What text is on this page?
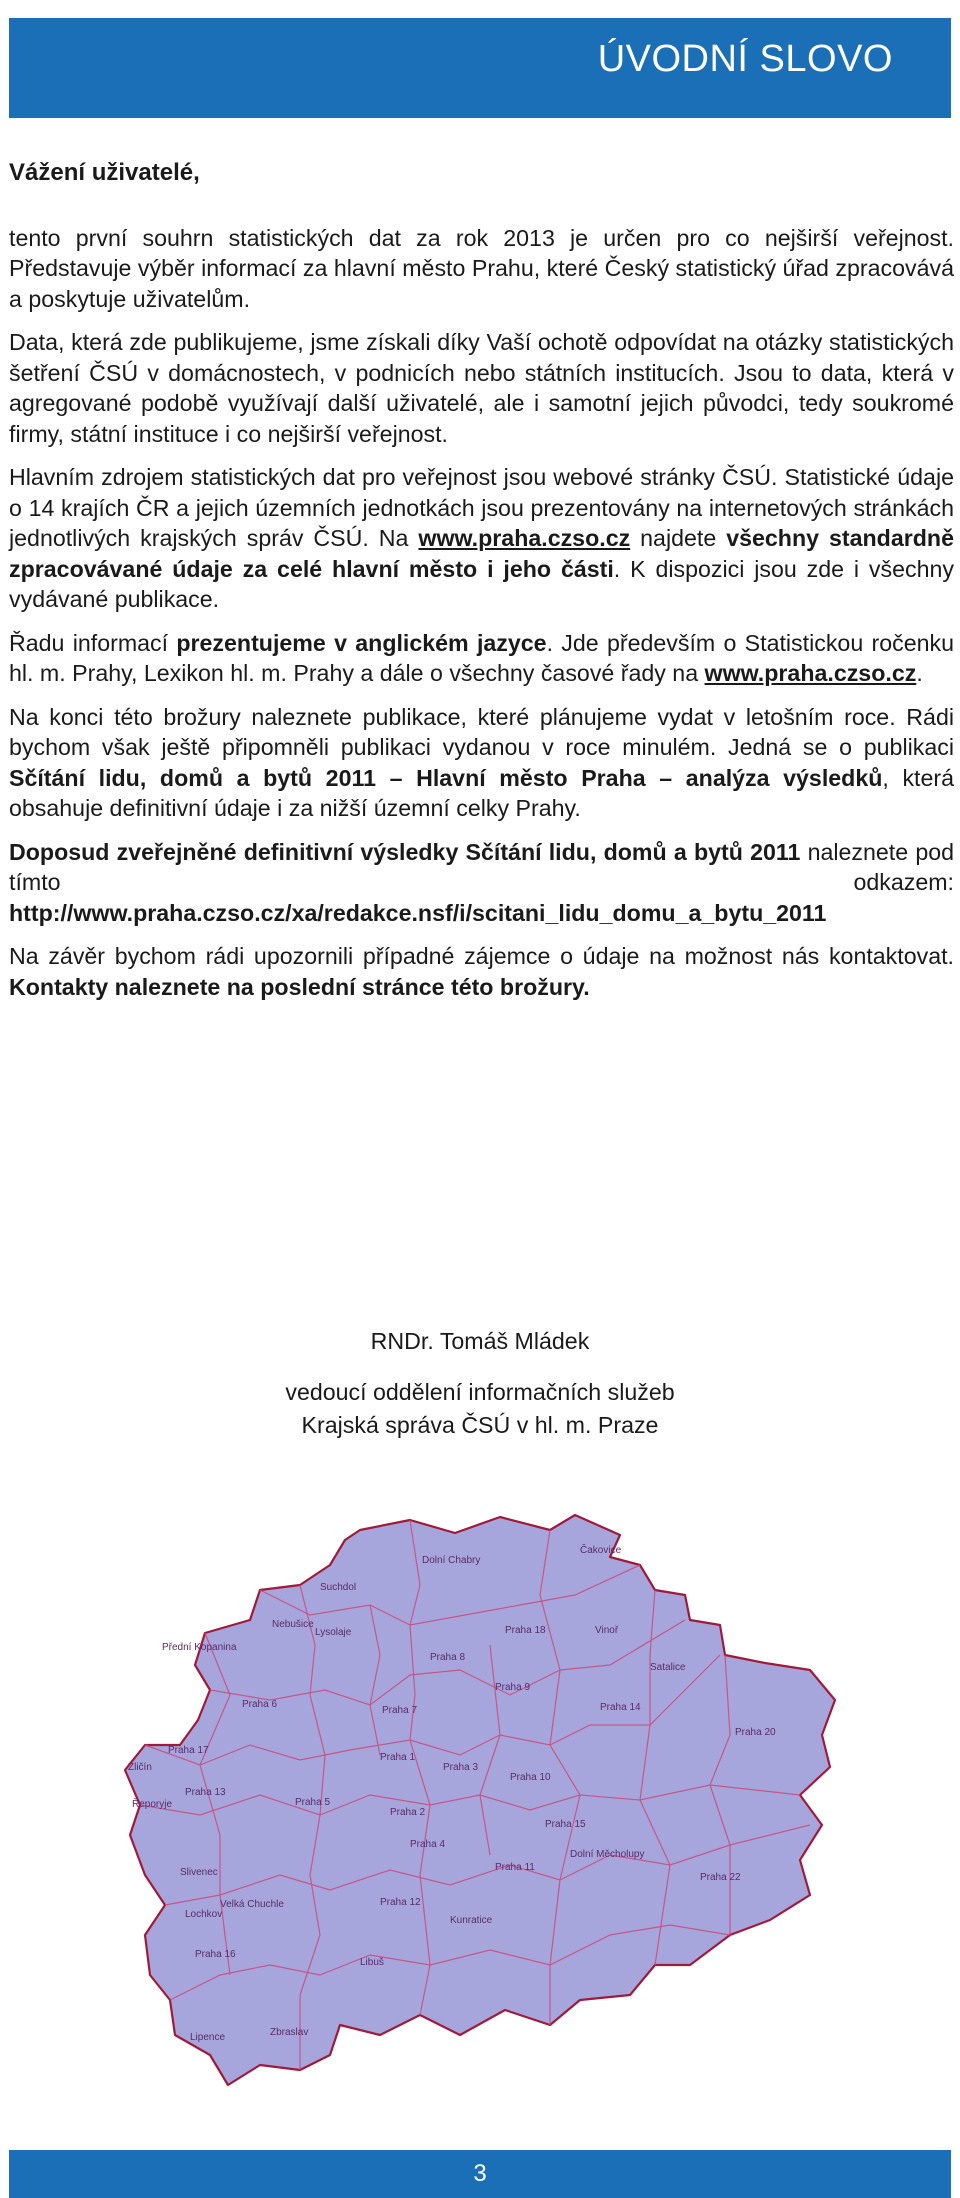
ÚVODNÍ SLOVO
Vážení uživatelé,

tento první souhrn statistických dat za rok 2013 je určen pro co nejširší veřejnost. Představuje výběr informací za hlavní město Prahu, které Český statistický úřad zpracovává a poskytuje uživatelům.

Data, která zde publikujeme, jsme získali díky Vaší ochotě odpovídat na otázky statistických šetření ČSÚ v domácnostech, v podnicích nebo státních institucích. Jsou to data, která v agregované podobě využívají další uživatelé, ale i samotní jejich původci, tedy soukromé firmy, státní instituce i co nejširší veřejnost.

Hlavním zdrojem statistických dat pro veřejnost jsou webové stránky ČSÚ. Statistické údaje o 14 krajích ČR a jejich územních jednotkách jsou prezentovány na internetových stránkách jednotlivých krajských správ ČSÚ. Na www.praha.czso.cz najdete všechny standardně zpracovávané údaje za celé hlavní město i jeho části. K dispozici jsou zde i všechny vydávané publikace.

Řadu informací prezentujeme v anglickém jazyce. Jde především o Statistickou ročenku hl. m. Prahy, Lexikon hl. m. Prahy a dále o všechny časové řady na www.praha.czso.cz.

Na konci této brožury naleznete publikace, které plánujeme vydat v letošním roce. Rádi bychom však ještě připomněli publikaci vydanou v roce minulém. Jedná se o publikaci Sčítání lidu, domů a bytů 2011 – Hlavní město Praha – analýza výsledků, která obsahuje definitivní údaje i za nižší územní celky Prahy.

Doposud zveřejněné definitivní výsledky Sčítání lidu, domů a bytů 2011 naleznete pod tímto odkazem: http://www.praha.czso.cz/xa/redakce.nsf/i/scitani_lidu_domu_a_bytu_2011

Na závěr bychom rádi upozornili případné zájemce o údaje na možnost nás kontaktovat. Kontakty naleznete na poslední stránce této brožury.

RNDr. Tomáš Mládek
vedoucí oddělení informačních služeb
Krajská správa ČSÚ v hl. m. Praze
Dolní Chabry
Čakovice
Suchdol
Lysolaje	Praha 18	Vinoř
Praha 8
Praha 9
Satalice
Nebušice
Přední Kopanina
Praha 6
Praha 7	Praha 14
Praha 20
Praha 17
Praha 1
Praha 3
Praha 10
Zličín
Řeporyje
Praha 13
Praha 5
Praha 2
Praha 15
Praha 11
Praha 22
Praha 12
Praha 4
Dolní Měcholupy
Slivenec
Velká Chuchle
Kunratice
Lochkov
Praha 16
Libuš
Lipence	Zbraslav
3
